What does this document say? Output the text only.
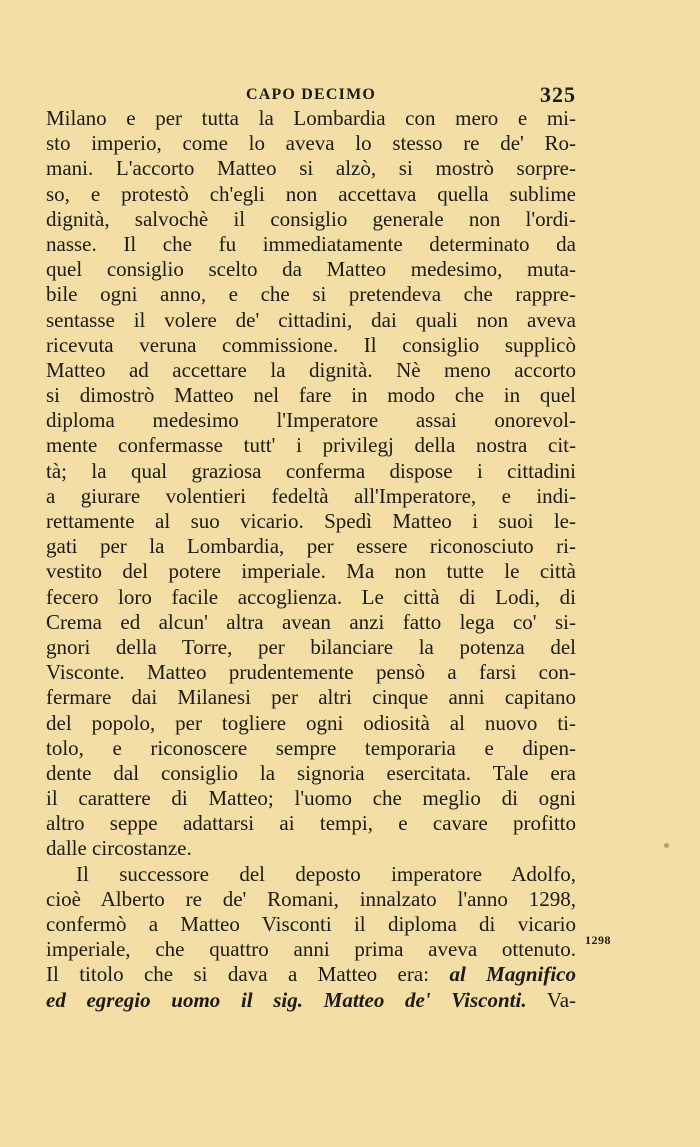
CAPO DECIMO	325
Milano e per tutta la Lombardia con mero e mi-
sto imperio, come lo aveva lo stesso re de' Ro-
mani. L'accorto Matteo si alzò, si mostrò sorpre-
so, e protestò ch'egli non accettava quella sublime
dignità, salvochè il consiglio generale non l'ordi-
nasse. Il che fu immediatamente determinato da
quel consiglio scelto da Matteo medesimo, muta-
bile ogni anno, e che si pretendeva che rappre-
sentasse il volere de' cittadini, dai quali non aveva
ricevuta veruna commissione. Il consiglio supplicò
Matteo ad accettare la dignità. Nè meno accorto
si dimostrò Matteo nel fare in modo che in quel
diploma medesimo l'Imperatore assai onorevol-
mente confermasse tutt' i privilegj della nostra cit-
tà; la qual graziosa conferma dispose i cittadini
a giurare volentieri fedeltà all'Imperatore, e indi-
rettamente al suo vicario. Spedì Matteo i suoi le-
gati per la Lombardia, per essere riconosciuto ri-
vestito del potere imperiale. Ma non tutte le città
fecero loro facile accoglienza. Le città di Lodi, di
Crema ed alcun' altra avean anzi fatto lega co' si-
gnori della Torre, per bilanciare la potenza del
Visconte. Matteo prudentemente pensò a farsi con-
fermare dai Milanesi per altri cinque anni capitano
del popolo, per togliere ogni odiosità al nuovo ti-
tolo, e riconoscere sempre temporaria e dipen-
dente dal consiglio la signoria esercitata. Tale era
il carattere di Matteo; l'uomo che meglio di ogni
altro seppe adattarsi ai tempi, e cavare profitto
dalle circostanze.
Il successore del deposto imperatore Adolfo,
cioè Alberto re de' Romani, innalzato l'anno 1298,
confermò a Matteo Visconti il diploma di vicario
imperiale, che quattro anni prima aveva ottenuto.
Il titolo che si dava a Matteo era: al Magnifico
ed egregio uomo il sig. Matteo de' Visconti. Va-
1298
